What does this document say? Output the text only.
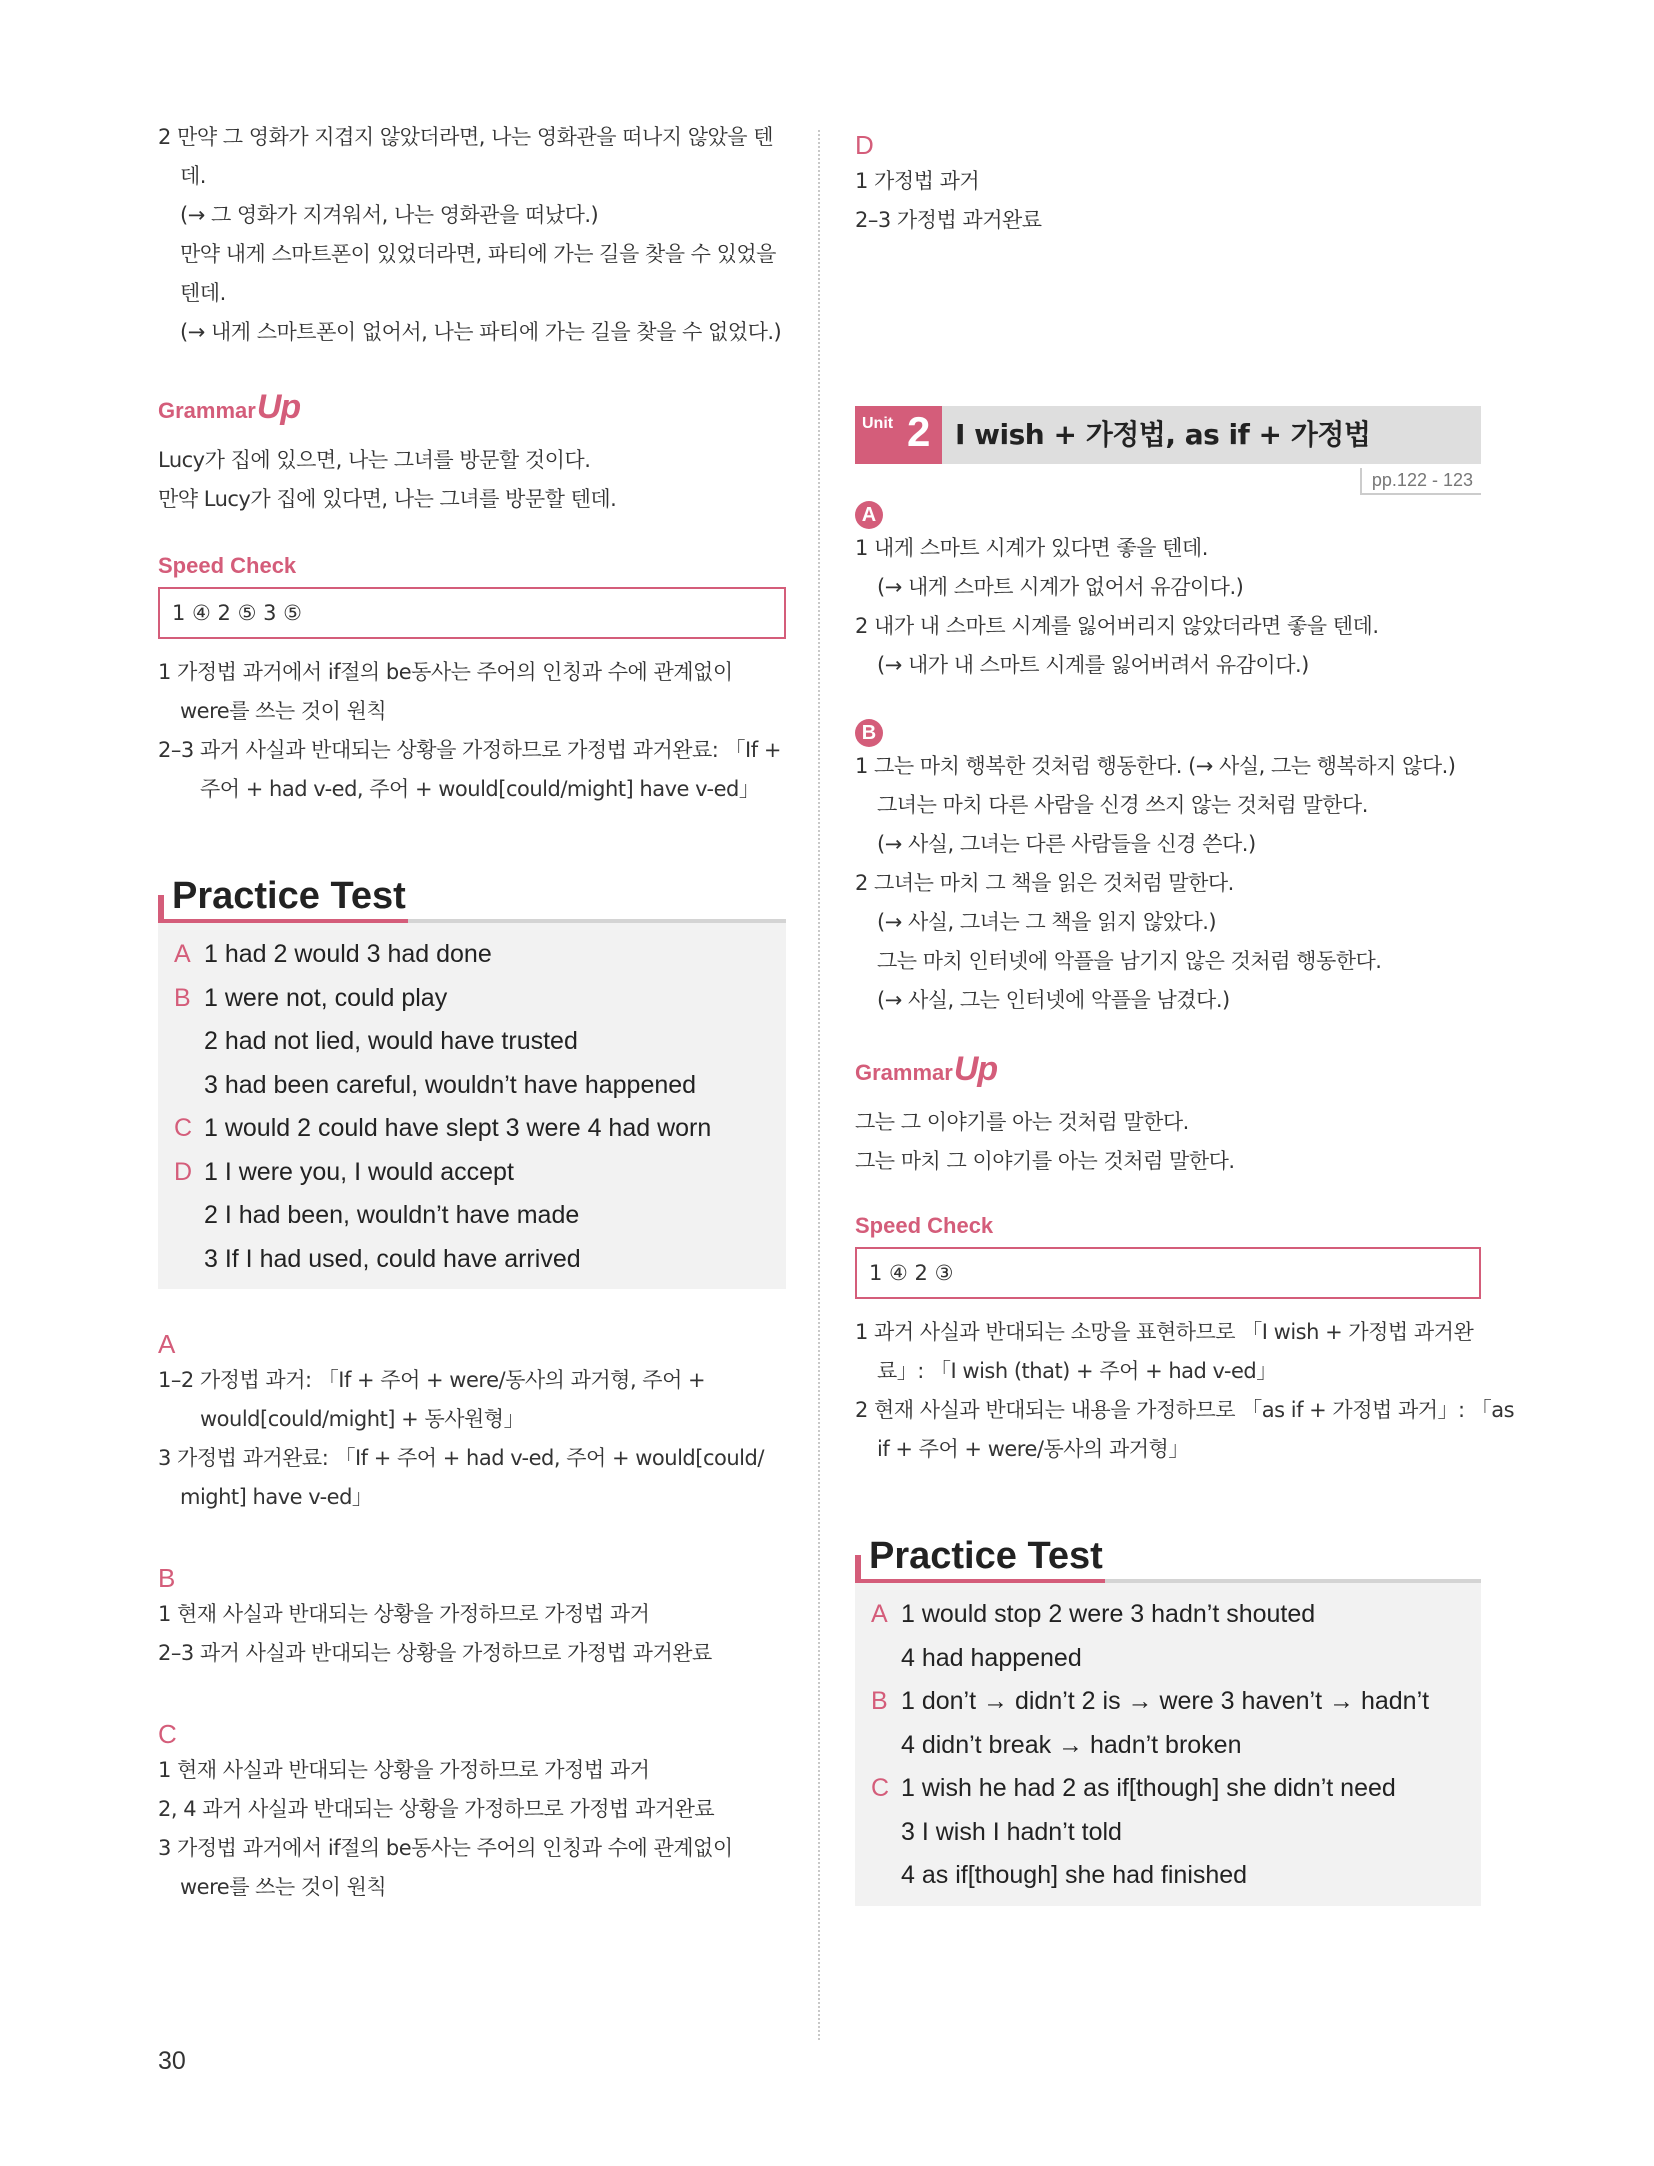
2 만약 그 영화가 지겹지 않았더라면, 나는 영화관을 떠나지 않았을 텐
데.
(→ 그 영화가 지겨워서, 나는 영화관을 떠났다.)
만약 내게 스마트폰이 있었더라면, 파티에 가는 길을 찾을 수 있었을
텐데.
(→ 내게 스마트폰이 없어서, 나는 파티에 가는 길을 찾을 수 없었다.)
GrammarUp
Lucy가 집에 있으면, 나는 그녀를 방문할 것이다.
만약 Lucy가 집에 있다면, 나는 그녀를 방문할 텐데.
Speed Check
1 ④ 2 ⑤ 3 ⑤
1 가정법 과거에서 if절의 be동사는 주어의 인칭과 수에 관계없이
were를 쓰는 것이 원칙
2–3 과거 사실과 반대되는 상황을 가정하므로 가정법 과거완료: 「If +
주어 + had v-ed, 주어 + would[could/might] have v-ed」
Practice Test
A 1 had 2 would 3 had done
B 1 were not, could play
2 had not lied, would have trusted
3 had been careful, wouldn’t have happened
C 1 would 2 could have slept 3 were 4 had worn
D 1 I were you, I would accept
2 I had been, wouldn’t have made
3 If I had used, could have arrived
A
1–2 가정법 과거: 「If + 주어 + were/동사의 과거형, 주어 +
would[could/might] + 동사원형」
3 가정법 과거완료: 「If + 주어 + had v-ed, 주어 + would[could/
might] have v-ed」
B
1 현재 사실과 반대되는 상황을 가정하므로 가정법 과거
2–3 과거 사실과 반대되는 상황을 가정하므로 가정법 과거완료
C
1 현재 사실과 반대되는 상황을 가정하므로 가정법 과거
2, 4 과거 사실과 반대되는 상황을 가정하므로 가정법 과거완료
3 가정법 과거에서 if절의 be동사는 주어의 인칭과 수에 관계없이
were를 쓰는 것이 원칙
D
1 가정법 과거
2–3 가정법 과거완료
Unit 2 I wish + 가정법, as if + 가정법
pp.122 - 123
A
1 내게 스마트 시계가 있다면 좋을 텐데.
(→ 내게 스마트 시계가 없어서 유감이다.)
2 내가 내 스마트 시계를 잃어버리지 않았더라면 좋을 텐데.
(→ 내가 내 스마트 시계를 잃어버려서 유감이다.)
B
1 그는 마치 행복한 것처럼 행동한다. (→ 사실, 그는 행복하지 않다.)
그녀는 마치 다른 사람을 신경 쓰지 않는 것처럼 말한다.
(→ 사실, 그녀는 다른 사람들을 신경 쓴다.)
2 그녀는 마치 그 책을 읽은 것처럼 말한다.
(→ 사실, 그녀는 그 책을 읽지 않았다.)
그는 마치 인터넷에 악플을 남기지 않은 것처럼 행동한다.
(→ 사실, 그는 인터넷에 악플을 남겼다.)
GrammarUp
그는 그 이야기를 아는 것처럼 말한다.
그는 마치 그 이야기를 아는 것처럼 말한다.
Speed Check
1 ④ 2 ③
1 과거 사실과 반대되는 소망을 표현하므로 「I wish + 가정법 과거완
료」: 「I wish (that) + 주어 + had v-ed」
2 현재 사실과 반대되는 내용을 가정하므로 「as if + 가정법 과거」: 「as
if + 주어 + were/동사의 과거형」
Practice Test
A 1 would stop 2 were 3 hadn’t shouted
4 had happened
B 1 don’t → didn’t 2 is → were 3 haven’t → hadn’t
4 didn’t break → hadn’t broken
C 1 wish he had 2 as if[though] she didn’t need
3 I wish I hadn’t told
4 as if[though] she had finished
30
